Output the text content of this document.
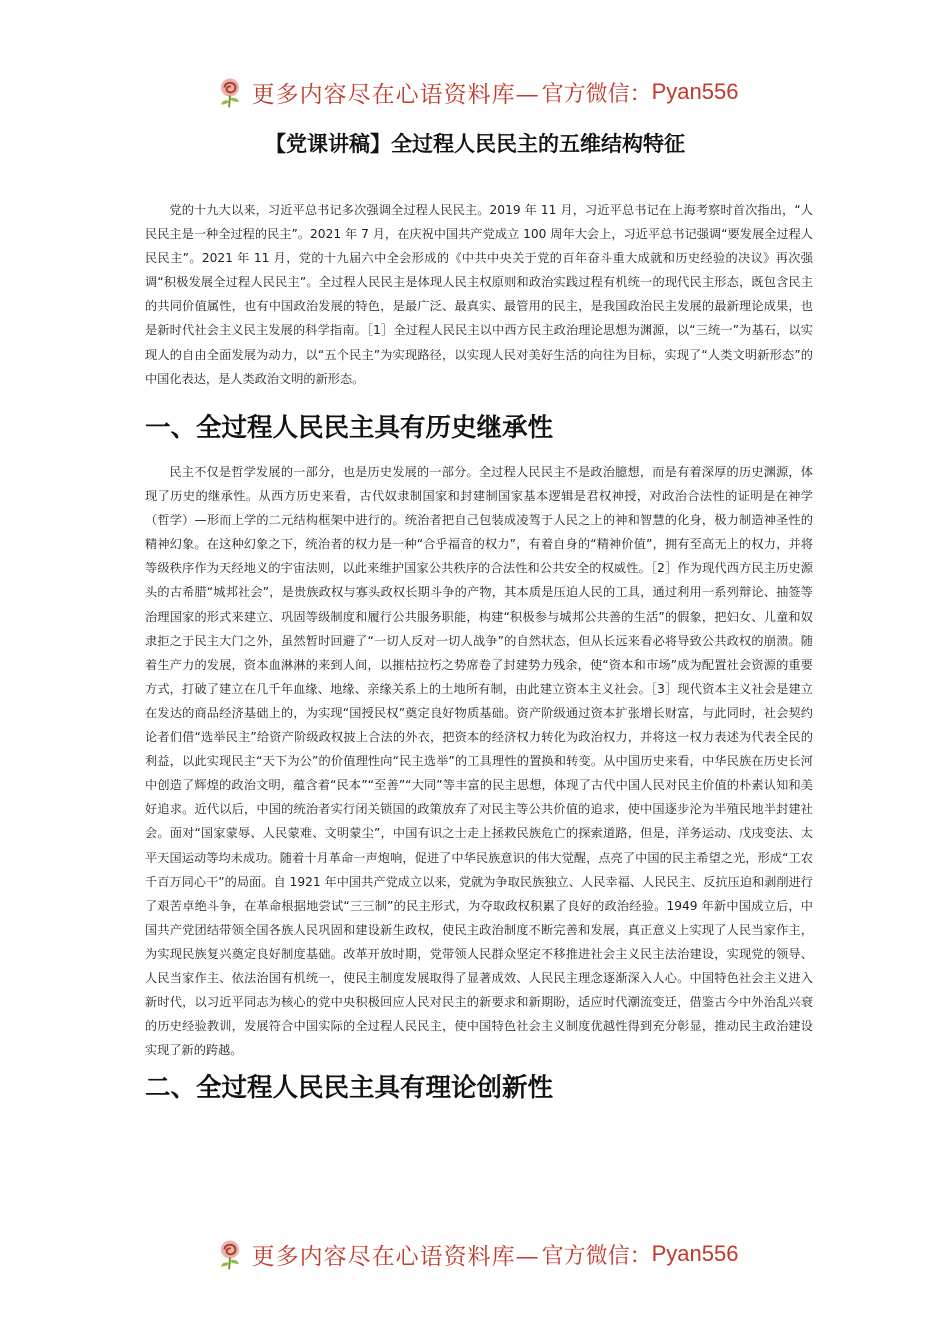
更多内容尽在心语资料库— 官方微信： Pyan556
【党课讲稿】全过程人民民主的五维结构特征

党的十九大以来，习近平总书记多次强调全过程人民民主。2019 年 11 月，习近平总书记在上海考察时首次指出，“人民民主是一种全过程的民主”。2021 年 7 月，在庆祝中国共产党成立 100 周年大会上，习近平总书记强调“要发展全过程人民民主”。2021 年 11 月，党的十九届六中全会形成的《中共中央关于党的百年奋斗重大成就和历史经验的决议》再次强调“积极发展全过程人民民主”。全过程人民民主是体现人民主权原则和政治实践过程有机统一的现代民主形态，既包含民主的共同价值属性，也有中国政治发展的特色，是最广泛、最真实、最管用的民主，是我国政治民主发展的最新理论成果，也是新时代社会主义民主发展的科学指南。［1］全过程人民民主以中西方民主政治理论思想为渊源，以“三统一”为基石，以实现人的自由全面发展为动力，以“五个民主”为实现路径，以实现人民对美好生活的向往为目标，实现了“人类文明新形态”的中国化表达，是人类政治文明的新形态。

一、全过程人民民主具有历史继承性

民主不仅是哲学发展的一部分，也是历史发展的一部分。全过程人民民主不是政治臆想，而是有着深厚的历史渊源，体现了历史的继承性。从西方历史来看，古代奴隶制国家和封建制国家基本逻辑是君权神授，对政治合法性的证明是在神学（哲学）—形而上学的二元结构框架中进行的。统治者把自己包装成凌驾于人民之上的神和智慧的化身，极力制造神圣性的精神幻象。在这种幻象之下，统治者的权力是一种“合乎福音的权力”，有着自身的“精神价值”，拥有至高无上的权力，并将等级秩序作为天经地义的宇宙法则，以此来维护国家公共秩序的合法性和公共安全的权威性。［2］作为现代西方民主历史源头的古希腊“城邦社会”，是贵族政权与寡头政权长期斗争的产物，其本质是压迫人民的工具，通过利用一系列辩论、抽签等治理国家的形式来建立、巩固等级制度和履行公共服务职能，构建“积极参与城邦公共善的生活”的假象，把妇女、儿童和奴隶拒之于民主大门之外，虽然暂时回避了“一切人反对一切人战争”的自然状态，但从长远来看必将导致公共政权的崩溃。随着生产力的发展，资本血淋淋的来到人间，以摧枯拉朽之势席卷了封建势力残余，使“资本和市场”成为配置社会资源的重要方式，打破了建立在几千年血缘、地缘、亲缘关系上的土地所有制，由此建立资本主义社会。［3］现代资本主义社会是建立在发达的商品经济基础上的，为实现“国授民权”奠定良好物质基础。资产阶级通过资本扩张增长财富，与此同时，社会契约论者们借“选举民主”给资产阶级政权披上合法的外衣，把资本的经济权力转化为政治权力，并将这一权力表述为代表全民的利益，以此实现民主“天下为公”的价值理性向“民主选举”的工具理性的置换和转变。从中国历史来看，中华民族在历史长河中创造了辉煌的政治文明，蕴含着“民本”“至善”“大同”等丰富的民主思想，体现了古代中国人民对民主价值的朴素认知和美好追求。近代以后，中国的统治者实行闭关锁国的政策放弃了对民主等公共价值的追求，使中国逐步沦为半殖民地半封建社会。面对“国家蒙辱、人民蒙难、文明蒙尘”，中国有识之士走上拯救民族危亡的探索道路，但是，洋务运动、戊戌变法、太平天国运动等均未成功。随着十月革命一声炮响，促进了中华民族意识的伟大觉醒，点亮了中国的民主希望之光，形成“工农千百万同心干”的局面。自 1921 年中国共产党成立以来，党就为争取民族独立、人民幸福、人民民主、反抗压迫和剥削进行了艰苦卓绝斗争，在革命根据地尝试“三三制”的民主形式，为夺取政权积累了良好的政治经验。1949 年新中国成立后，中国共产党团结带领全国各族人民巩固和建设新生政权，使民主政治制度不断完善和发展，真正意义上实现了人民当家作主，为实现民族复兴奠定良好制度基础。改革开放时期，党带领人民群众坚定不移推进社会主义民主法治建设，实现党的领导、人民当家作主、依法治国有机统一，使民主制度发展取得了显著成效、人民民主理念逐渐深入人心。中国特色社会主义进入新时代，以习近平同志为核心的党中央积极回应人民对民主的新要求和新期盼，适应时代潮流变迁，借鉴古今中外治乱兴衰的历史经验教训，发展符合中国实际的全过程人民民主，使中国特色社会主义制度优越性得到充分彰显，推动民主政治建设实现了新的跨越。

二、全过程人民民主具有理论创新性
更多内容尽在心语资料库— 官方微信： Pyan556
